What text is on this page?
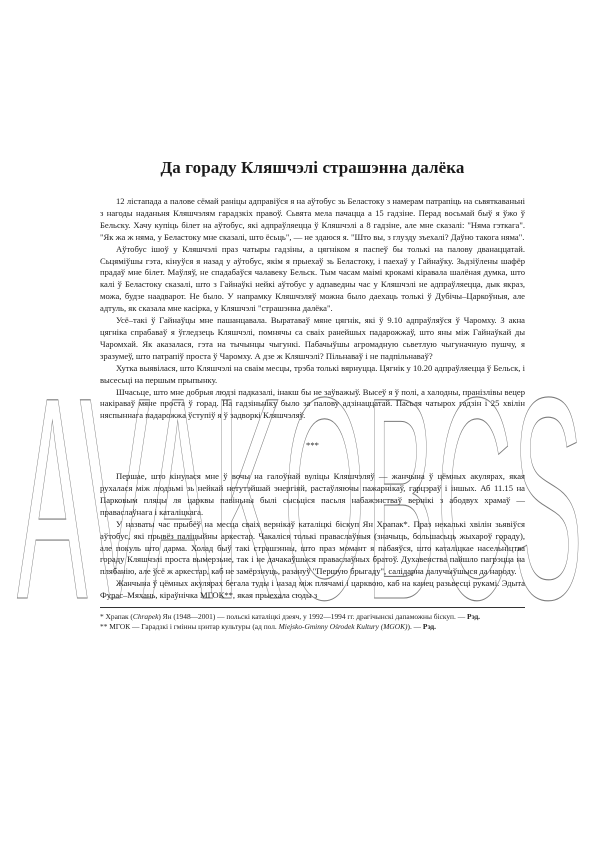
AVAKOBCS
Да гораду Кляшчэлі страшэнна далёка

12 лістапада а палове сёмай раніцы адправіўся я на аўтобус зь Беластоку з намерам патрапіць на сьвяткаваньні з нагоды наданьня Кляшчэлям гарадзкіх правоў. Сьвята мела пачацца a 15 гадзіне. Перад восьмай быў я ўжо ў Бельску. Хачу купіць білет на аўтобус, які адпраўляецца ў Кляшчэлі а 8 гадзіне, але мне сказалі: "Няма гэткага". "Як жа ж няма, у Беластоку мне сказалі, што ёсьць", — не здаюся я. "Што вы, з глузду зъехалі? Даўно такога няма".

Аўтобус ішоў у Кляшчэлі праз чатыры гадзіны, а цягніком я паспеў бы толькі на палову дванаццатай. Сьцяміўшы гэта, кінуўся я назад у аўтобус, якім я прыехаў зь Беластоку, і паехаў у Гайнаўку. Зьдзіўлены шафёр прадаў мне білет. Маўляў, не спадабаўся чалавеку Бельск. Тым часам маімі крокамі кіравала шалёная думка, што калі ў Беластоку сказалі, што з Гайнаўкі нейкі аўтобус у адпаведны час у Кляшчэлі не адпраўляецца, дык якраз, можа, будзе наадварот. Не было. У напрамку Кляшчэляў можна было даехаць толькі ў Дубічы–Царкоўныя, але адтуль, як сказала мне касірка, у Кляшчэлі "страшэнна далёка".

Усё–такі ў Гайнаўцы мне пашанцавала. Выратаваў мяне цягнік, які ў 9.10 адпраўляўся ў Чаромху. З акна цягніка спрабаваў я ўгледзець Кляшчэлі, помнячы са сваіх ранейшых падарожжаў, што яны між Гайнаўкай ды Чаромхай. Як аказалася, гэта на тычынцы чыгункі. Пабачыўшы агромадную сьветлую чыгуначную пушчу, я зразумеў, што патрапіў проста ў Чаромху. А дзе ж Кляшчэлі? Пільнаваў і не падпільнаваў?

Хутка выявілася, што Кляшчэлі на сваім месцы, трэба толькі вярнуцца. Цягнік у 10.20 адпраўляецца ў Бельск, і высесьці на першым прыпынку.

Шчасьце, што мне добрыя людзі падказалі, інакш бы не заўважыў. Высеў я ў полі, а халодны, пранізлівы вецер накіраваў мяне проста ў горад. На гадзіньніку было за палову адзінаццатай. Пасьля чатырох гадзін і 25 хвілін няспыннага падарожжа ўступіў я ў задворкі Кляшчэляў.

***

Першае, што кінулася мне ў вочы на галоўнай вуліцы Кляшчэляў — жанчына ў цёмных акулярах, якая рухалася між людзьмі зь нейкай нетутэйшай энергіяй, растаўляючы пажарнікаў, гарцэраў і іншых. Аб 11.15 на Парковым пляцы ля царквы павіньны былі сысьціся пасьля набажэнстваў вернікі з абодвух храмаў — праваслаўнага і каталіцкага.

У назваты час прыбёў на месца сваіх вернікаў каталіцкі біскуп Ян Храпак*. Праз некалькі хвілін зьявіўся аўтобус, які прывёз паліцыйны аркестар. Чакаліся толькі праваслаўныя (значыць, большасьць жыхароў гораду), але покуль што дарма. Холад быў такі страшэнны, што праз момант я пабаяўся, што каталіцкае насельніцтва гораду Кляшчэлі проста вымерзьне, так і не дачакаўшыся праваслаўных братоў. Духавенства пайшло пагрэцца на плябанію, але ўсё ж аркестар, каб не замёрзнуць, разануў "Першую брыгаду", салідарна далучыўшыся да народу.

Жанчына ў цёмных акулярах бегала туды і назад між плячамі і царквою, каб на канец разьвесці рукамі. Эдыта Фурас–Мяхань, кіраўнічка МГОК**, якая прыехала сюды з

* Храпак (Chrapek) Ян (1948—2001) — польскі каталіцкі дзеяч, у 1992—1994 гг. драгічынскі дапаможны біскуп. — Рэд.

** МГОК — Гарадзкі і гмінны цэнтар культуры (ад пол. Miejsko-Gminny Ośrodek Kultury (MGOK)). — Рэд.
